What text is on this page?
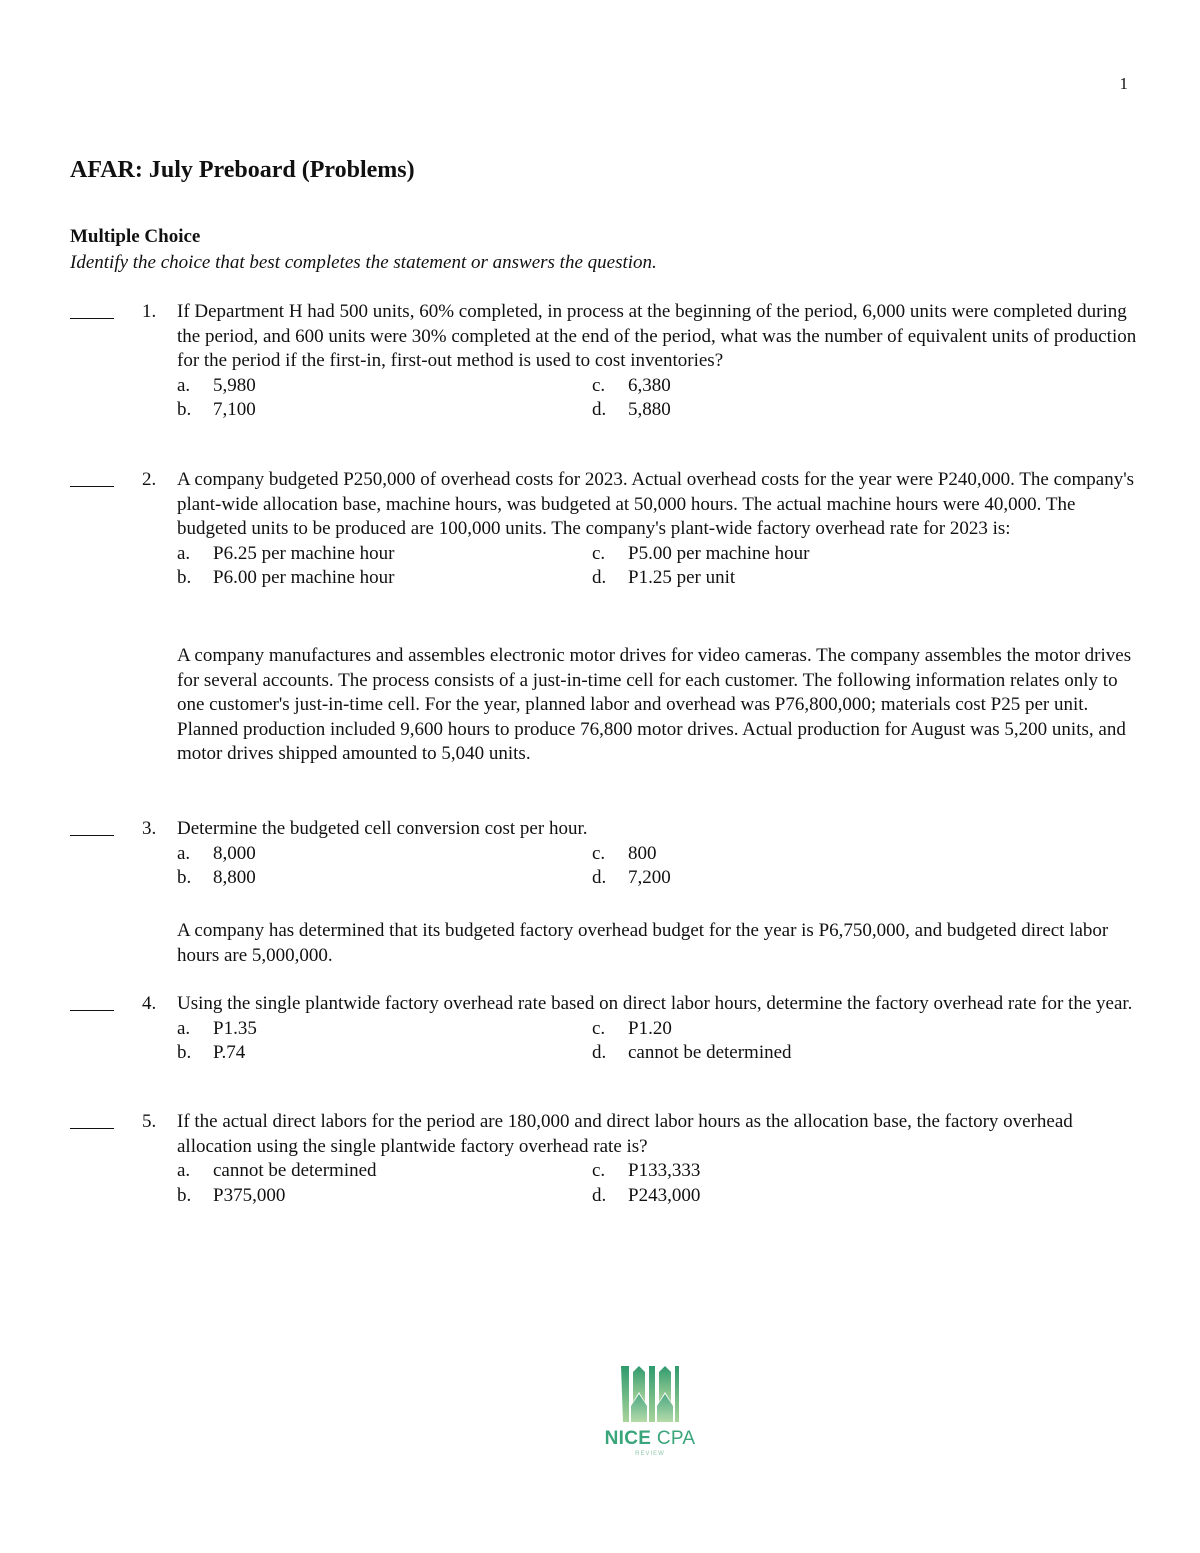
1
AFAR: July Preboard (Problems)
Multiple Choice
Identify the choice that best completes the statement or answers the question.
1. If Department H had 500 units, 60% completed, in process at the beginning of the period, 6,000 units were completed during the period, and 600 units were 30% completed at the end of the period, what was the number of equivalent units of production for the period if the first-in, first-out method is used to cost inventories?
a.	5,980	c.	6,380
b.	7,100	d.	5,880
2. A company budgeted P250,000 of overhead costs for 2023. Actual overhead costs for the year were P240,000. The company's plant-wide allocation base, machine hours, was budgeted at 50,000 hours. The actual machine hours were 40,000. The budgeted units to be produced are 100,000 units. The company's plant-wide factory overhead rate for 2023 is:
a.	P6.25 per machine hour	c.	P5.00 per machine hour
b.	P6.00 per machine hour	d.	P1.25 per unit
A company manufactures and assembles electronic motor drives for video cameras. The company assembles the motor drives for several accounts. The process consists of a just-in-time cell for each customer. The following information relates only to one customer's just-in-time cell. For the year, planned labor and overhead was P76,800,000; materials cost P25 per unit. Planned production included 9,600 hours to produce 76,800 motor drives. Actual production for August was 5,200 units, and motor drives shipped amounted to 5,040 units.
3. Determine the budgeted cell conversion cost per hour.
a.	8,000	c.	800
b.	8,800	d.	7,200
A company has determined that its budgeted factory overhead budget for the year is P6,750,000, and budgeted direct labor hours are 5,000,000.
4. Using the single plantwide factory overhead rate based on direct labor hours, determine the factory overhead rate for the year.
a.	P1.35	c.	P1.20
b.	P.74	d.	cannot be determined
5. If the actual direct labors for the period are 180,000 and direct labor hours as the allocation base, the factory overhead allocation using the single plantwide factory overhead rate is?
a.	cannot be determined	c.	P133,333
b.	P375,000	d.	P243,000
NICE CPA
REVIEW
